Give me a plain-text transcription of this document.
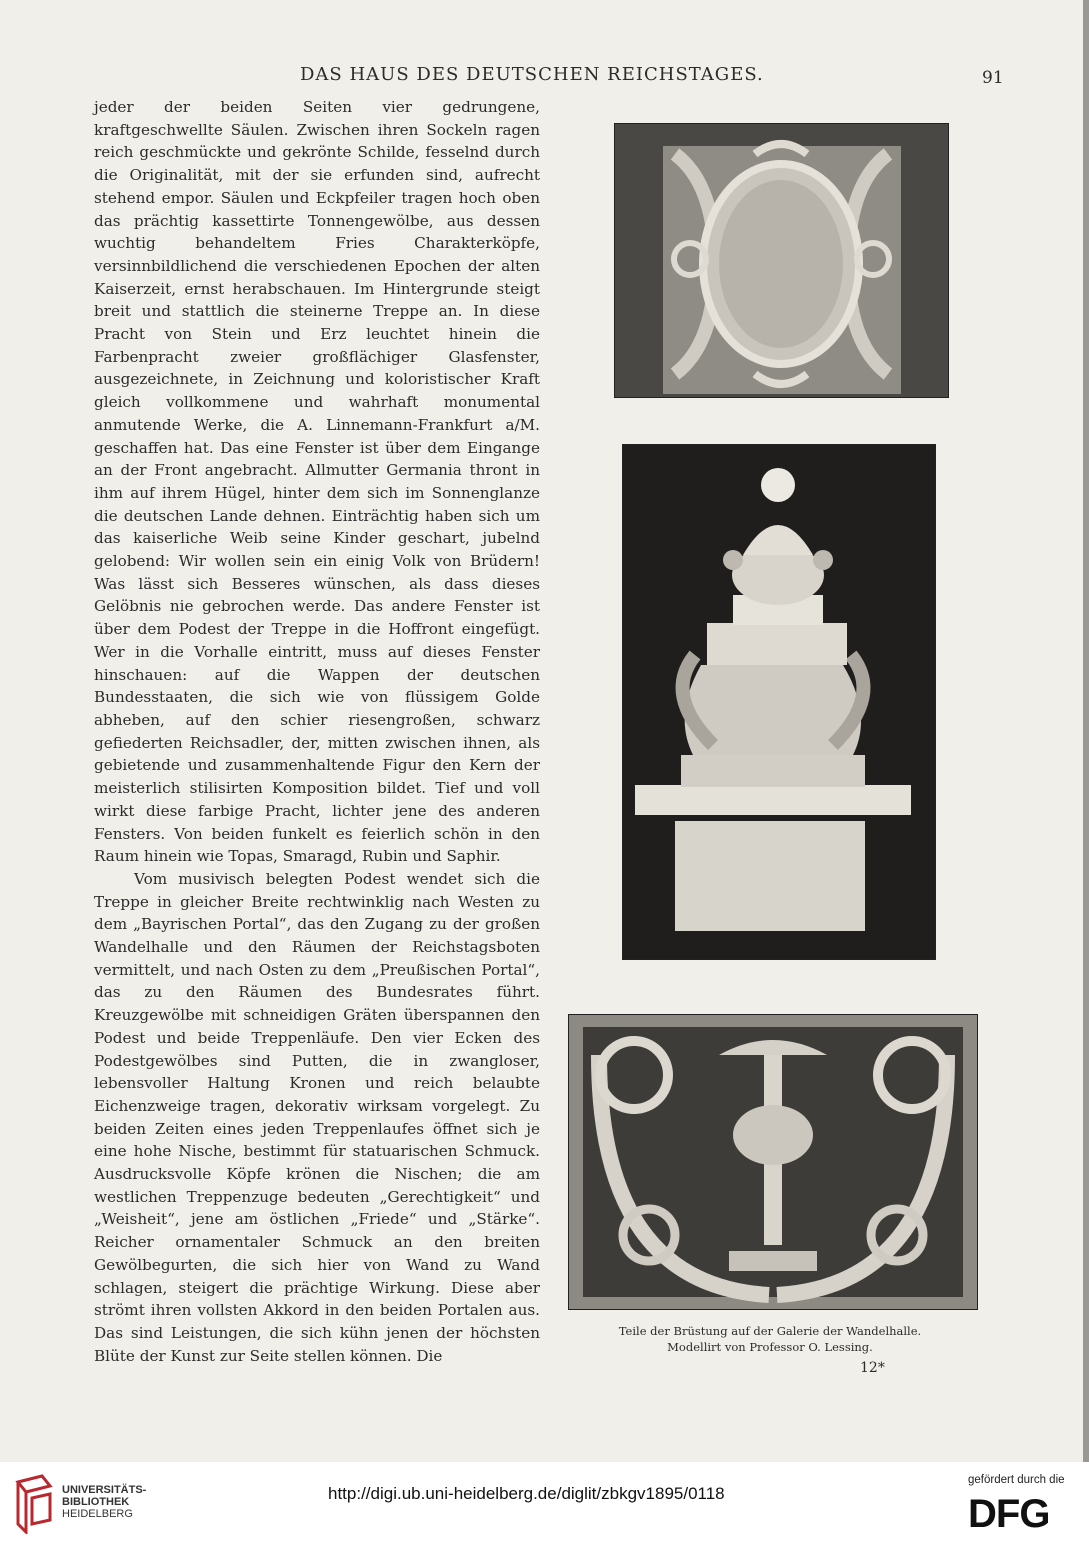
DAS HAUS DES DEUTSCHEN REICHSTAGES.	91

jeder der beiden Seiten vier gedrungene, kraftgeschwellte Säulen. Zwischen ihren Sockeln ragen reich geschmückte und gekrönte Schilde, fesselnd durch die Originalität, mit der sie erfunden sind, aufrecht stehend empor. Säulen und Eckpfeiler tragen hoch oben das prächtig kassettirte Tonnengewölbe, aus dessen wuchtig behandeltem Fries Charakterköpfe, versinnbildlichend die verschiedenen Epochen der alten Kaiserzeit, ernst herabschauen. Im Hintergrunde steigt breit und stattlich die steinerne Treppe an. In diese Pracht von Stein und Erz leuchtet hinein die Farbenpracht zweier großflächiger Glasfenster, ausgezeichnete, in Zeichnung und koloristischer Kraft gleich vollkommene und wahrhaft monumental anmutende Werke, die A. Linnemann-Frankfurt a/M. geschaffen hat. Das eine Fenster ist über dem Eingange an der Front angebracht. Allmutter Germania thront in ihm auf ihrem Hügel, hinter dem sich im Sonnenglanze die deutschen Lande dehnen. Einträchtig haben sich um das kaiserliche Weib seine Kinder geschart, jubelnd gelobend: Wir wollen sein ein einig Volk von Brüdern! Was lässt sich Besseres wünschen, als dass dieses Gelöbnis nie gebrochen werde. Das andere Fenster ist über dem Podest der Treppe in die Hoffront eingefügt. Wer in die Vorhalle eintritt, muss auf dieses Fenster hinschauen: auf die Wappen der deutschen Bundesstaaten, die sich wie von flüssigem Golde abheben, auf den schier riesengroßen, schwarz gefiederten Reichsadler, der, mitten zwischen ihnen, als gebietende und zusammenhaltende Figur den Kern der meisterlich stilisirten Komposition bildet. Tief und voll wirkt diese farbige Pracht, lichter jene des anderen Fensters. Von beiden funkelt es feierlich schön in den Raum hinein wie Topas, Smaragd, Rubin und Saphir.

Vom musivisch belegten Podest wendet sich die Treppe in gleicher Breite rechtwinklig nach Westen zu dem „Bayrischen Portal“, das den Zugang zu der großen Wandelhalle und den Räumen der Reichstagsboten vermittelt, und nach Osten zu dem „Preußischen Portal“, das zu den Räumen des Bundesrates führt. Kreuzgewölbe mit schneidigen Gräten überspannen den Podest und beide Treppenläufe. Den vier Ecken des Podestgewölbes sind Putten, die in zwangloser, lebensvoller Haltung Kronen und reich belaubte Eichenzweige tragen, dekorativ wirksam vorgelegt. Zu beiden Zeiten eines jeden Treppenlaufes öffnet sich je eine hohe Nische, bestimmt für statuarischen Schmuck. Ausdrucksvolle Köpfe krönen die Nischen; die am westlichen Treppenzuge bedeuten „Gerechtigkeit“ und „Weisheit“, jene am östlichen „Friede“ und „Stärke“. Reicher ornamentaler Schmuck an den breiten Gewölbegurten, die sich hier von Wand zu Wand schlagen, steigert die prächtige Wirkung. Diese aber strömt ihren vollsten Akkord in den beiden Portalen aus. Das sind Leistungen, die sich kühn jenen der höchsten Blüte der Kunst zur Seite stellen können. Die

Teile der Brüstung auf der Galerie der Wandelhalle.
Modellirt von Professor O. Lessing.
12*
UNIVERSITÄTS-
BIBLIOTHEK
HEIDELBERG
http://digi.ub.uni-heidelberg.de/diglit/zbkgv1895/0118
gefördert durch die
DFG
